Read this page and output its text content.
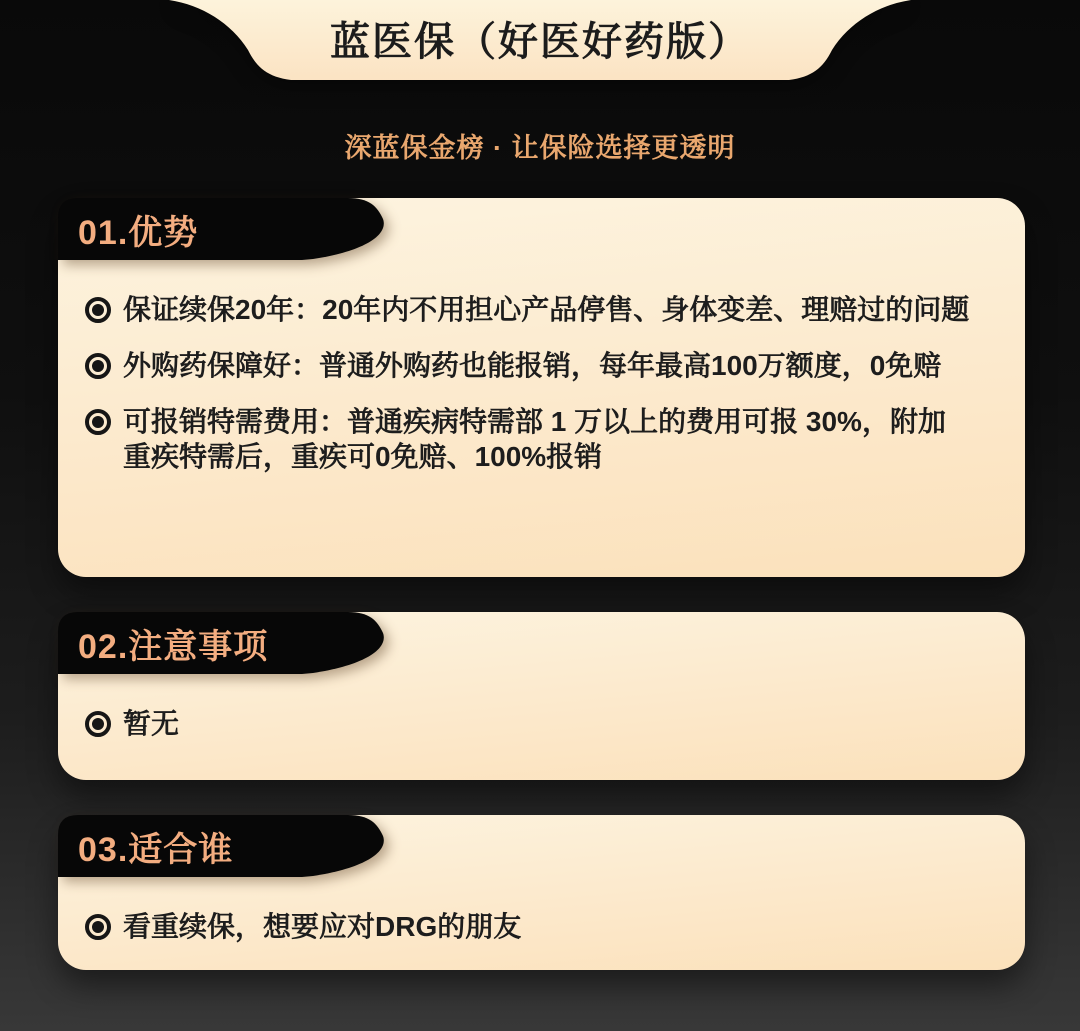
蓝医保（好医好药版）
深蓝保金榜 · 让保险选择更透明
01.优势
保证续保20年：20年内不用担心产品停售、身体变差、理赔过的问题
外购药保障好：普通外购药也能报销，每年最高100万额度，0免赔
可报销特需费用：普通疾病特需部 1 万以上的费用可报 30%，附加重疾特需后，重疾可0免赔、100%报销
02.注意事项
暂无
03.适合谁
看重续保，想要应对DRG的朋友
